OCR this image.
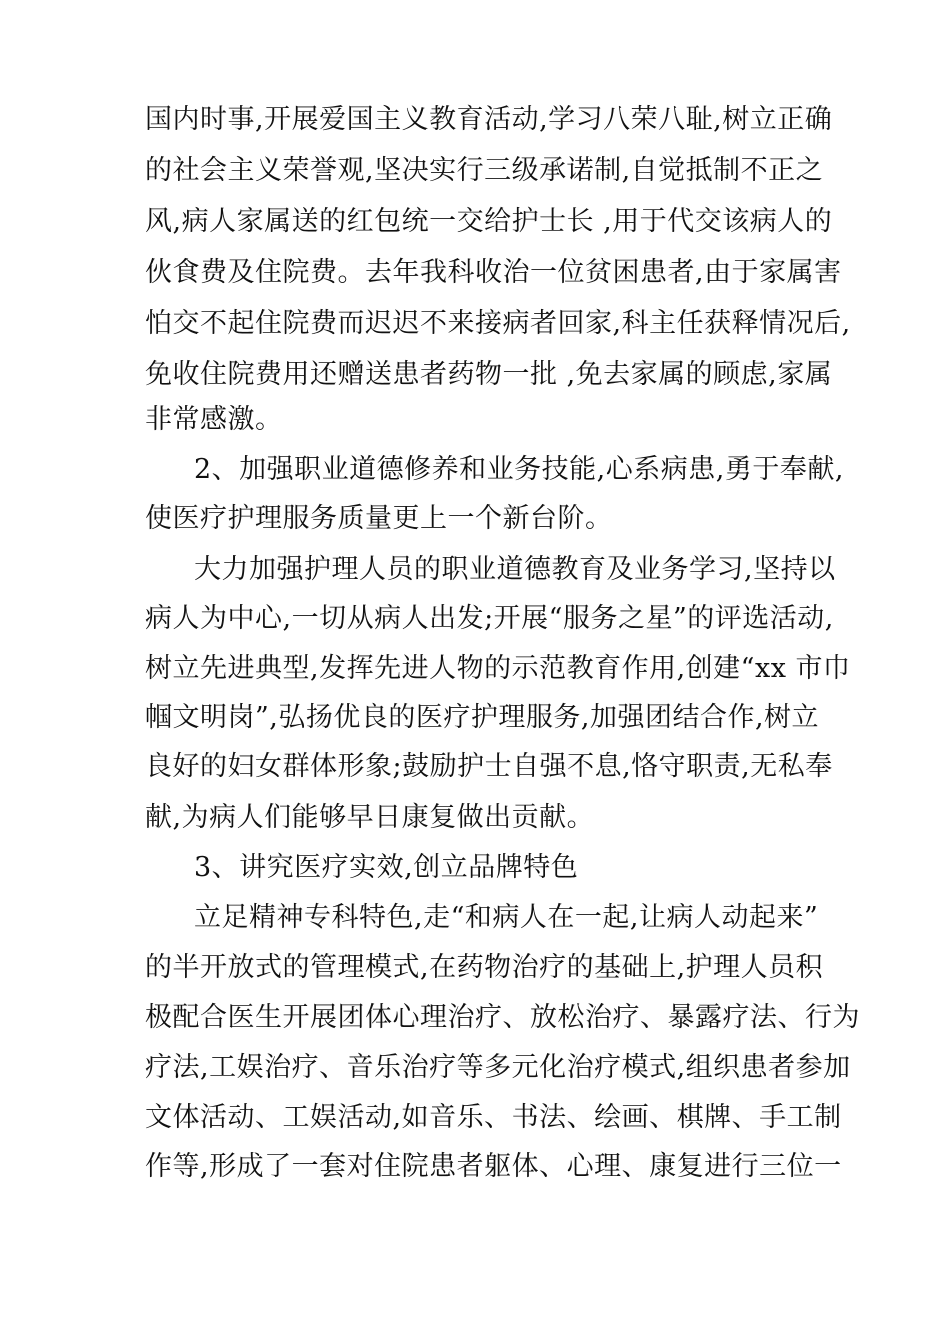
国内时事,开展爱国主义教育活动,学习八荣八耻,树立正确
的社会主义荣誉观,坚决实行三级承诺制,自觉抵制不正之
风,病人家属送的红包统一交给护士长 ,用于代交该病人的
伙食费及住院费。去年我科收治一位贫困患者,由于家属害
怕交不起住院费而迟迟不来接病者回家,科主任获释情况后,
免收住院费用还赠送患者药物一批 ,免去家属的顾虑,家属
非常感激。
2、加强职业道德修养和业务技能,心系病患,勇于奉献,
使医疗护理服务质量更上一个新台阶。
大力加强护理人员的职业道德教育及业务学习,坚持以
病人为中心,一切从病人出发;开展“服务之星”的评选活动,
树立先进典型,发挥先进人物的示范教育作用,创建“xx 市巾
帼文明岗”,弘扬优良的医疗护理服务,加强团结合作,树立
良好的妇女群体形象;鼓励护士自强不息,恪守职责,无私奉
献,为病人们能够早日康复做出贡献。
3、讲究医疗实效,创立品牌特色
立足精神专科特色,走“和病人在一起,让病人动起来”
的半开放式的管理模式,在药物治疗的基础上,护理人员积
极配合医生开展团体心理治疗、放松治疗、暴露疗法、行为
疗法,工娱治疗、音乐治疗等多元化治疗模式,组织患者参加
文体活动、工娱活动,如音乐、书法、绘画、棋牌、手工制
作等,形成了一套对住院患者躯体、心理、康复进行三位一
